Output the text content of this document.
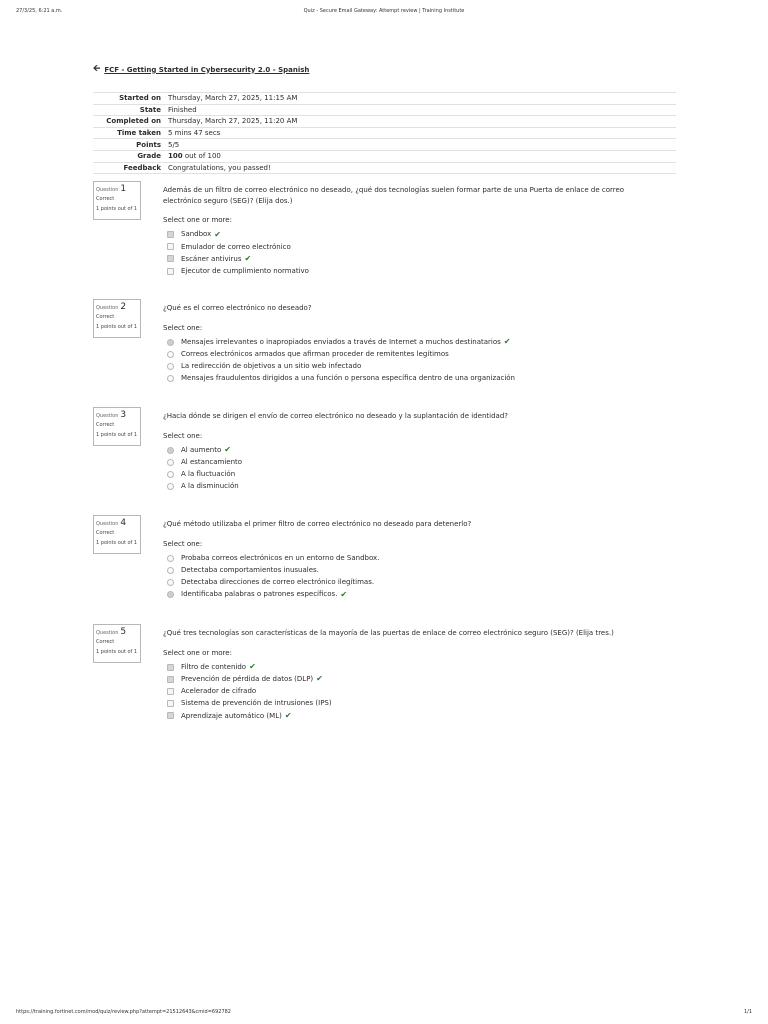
27/3/25, 6:21 a.m.	Quiz - Secure Email Gateway: Attempt review | Training Institute
🡨 FCF - Getting Started in Cybersecurity 2.0 - Spanish
Started on	Thursday, March 27, 2025, 11:15 AM
State	Finished
Completed on	Thursday, March 27, 2025, 11:20 AM
Time taken	5 mins 47 secs
Points	5/5
Grade	100 out of 100
Feedback	Congratulations, you passed!
Question 1
Correct
1 points out of 1

Además de un filtro de correo electrónico no deseado, ¿qué dos tecnologías suelen formar parte de una Puerta de enlace de correo electrónico seguro (SEG)? (Elija dos.)

Select one or more:
Sandbox ✔
Emulador de correo electrónico
Escáner antivirus ✔
Ejecutor de cumplimiento normativo
Question 2
Correct
1 points out of 1

¿Qué es el correo electrónico no deseado?

Select one:
Mensajes irrelevantes o inapropiados enviados a través de Internet a muchos destinatarios ✔
Correos electrónicos armados que afirman proceder de remitentes legítimos
La redirección de objetivos a un sitio web infectado
Mensajes fraudulentos dirigidos a una función o persona específica dentro de una organización
Question 3
Correct
1 points out of 1

¿Hacia dónde se dirigen el envío de correo electrónico no deseado y la suplantación de identidad?

Select one:
Al aumento ✔
Al estancamiento
A la fluctuación
A la disminución
Question 4
Correct
1 points out of 1

¿Qué método utilizaba el primer filtro de correo electrónico no deseado para detenerlo?

Select one:
Probaba correos electrónicos en un entorno de Sandbox.
Detectaba comportamientos inusuales.
Detectaba direcciones de correo electrónico ilegítimas.
Identificaba palabras o patrones específicos. ✔
Question 5
Correct
1 points out of 1

¿Qué tres tecnologías son características de la mayoría de las puertas de enlace de correo electrónico seguro (SEG)? (Elija tres.)

Select one or more:
Filtro de contenido ✔
Prevención de pérdida de datos (DLP) ✔
Acelerador de cifrado
Sistema de prevención de intrusiones (IPS)
Aprendizaje automático (ML) ✔
https://training.fortinet.com/mod/quiz/review.php?attempt=21512643&cmid=692782	1/1
